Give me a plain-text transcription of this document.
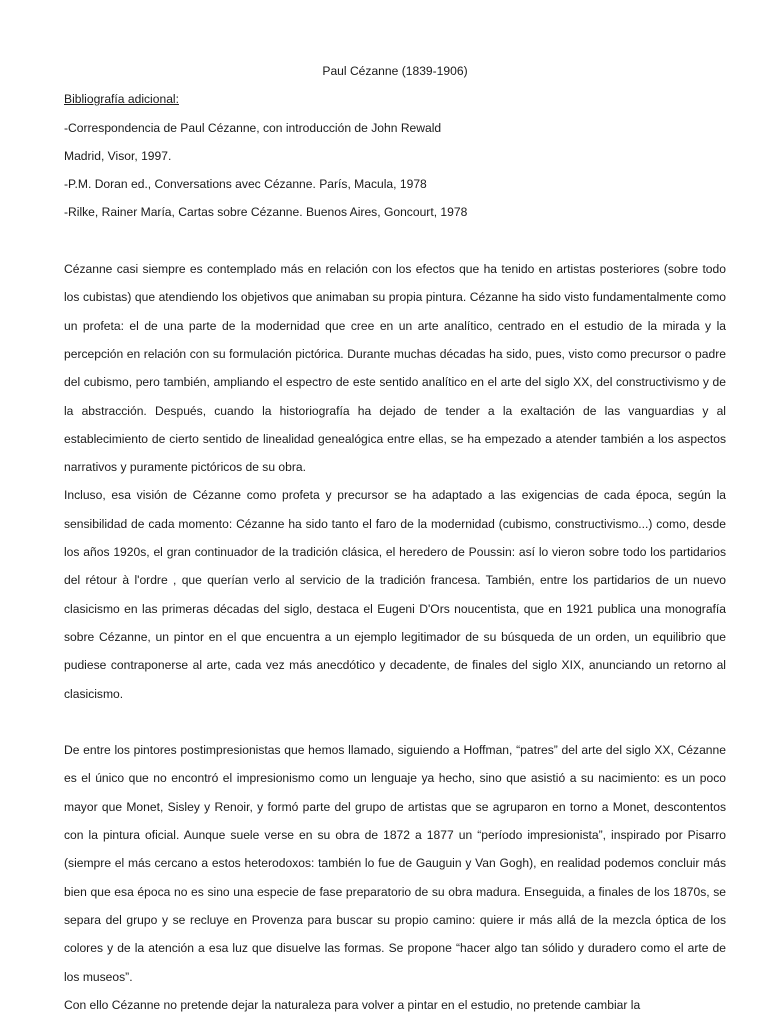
Paul Cézanne (1839-1906)

Bibliografía adicional:

-Correspondencia de Paul Cézanne, con introducción de John Rewald

Madrid, Visor, 1997.

-P.M. Doran ed., Conversations avec Cézanne. París, Macula, 1978

-Rilke, Rainer María, Cartas sobre Cézanne. Buenos Aires, Goncourt, 1978

Cézanne casi siempre es contemplado más en relación con los efectos que ha tenido en artistas posteriores (sobre todo los cubistas) que atendiendo los objetivos que animaban su propia pintura. Cézanne ha sido visto fundamentalmente como un profeta: el de una parte de la modernidad que cree en un arte analítico, centrado en el estudio de la mirada y la percepción en relación con su formulación pictórica. Durante muchas décadas ha sido, pues, visto como precursor o padre del cubismo, pero también, ampliando el espectro de este sentido analítico en el arte del siglo XX, del constructivismo y de la abstracción. Después, cuando la historiografía ha dejado de tender a la exaltación de las vanguardias y al establecimiento de cierto sentido de linealidad genealógica entre ellas, se ha empezado a atender también a los aspectos narrativos y puramente pictóricos de su obra.

Incluso, esa visión de Cézanne como profeta y precursor se ha adaptado a las exigencias de cada época, según la sensibilidad de cada momento: Cézanne ha sido tanto el faro de la modernidad (cubismo, constructivismo...) como, desde los años 1920s, el gran continuador de la tradición clásica, el heredero de Poussin: así lo vieron sobre todo los partidarios del rétour à l'ordre , que querían verlo al servicio de la tradición francesa. También, entre los partidarios de un nuevo clasicismo en las primeras décadas del siglo, destaca el Eugeni D'Ors noucentista, que en 1921 publica una monografía sobre Cézanne, un pintor en el que encuentra a un ejemplo legitimador de su búsqueda de un orden, un equilibrio que pudiese contraponerse al arte, cada vez más anecdótico y decadente, de finales del siglo XIX, anunciando un retorno al clasicismo.

De entre los pintores postimpresionistas que hemos llamado, siguiendo a Hoffman, “patres” del arte del siglo XX, Cézanne es el único que no encontró el impresionismo como un lenguaje ya hecho, sino que asistió a su nacimiento: es un poco mayor que Monet, Sisley y Renoir, y formó parte del grupo de artistas que se agruparon en torno a Monet, descontentos con la pintura oficial. Aunque suele verse en su obra de 1872 a 1877 un “período impresionista”, inspirado por Pisarro (siempre el más cercano a estos heterodoxos: también lo fue de Gauguin y Van Gogh), en realidad podemos concluir más bien que esa época no es sino una especie de fase preparatorio de su obra madura. Enseguida, a finales de los 1870s, se separa del grupo y se recluye en Provenza para buscar su propio camino: quiere ir más allá de la mezcla óptica de los colores y de la atención a esa luz que disuelve las formas. Se propone “hacer algo tan sólido y duradero como el arte de los museos”.

Con ello Cézanne no pretende dejar la naturaleza para volver a pintar en el estudio, no pretende cambiar la
